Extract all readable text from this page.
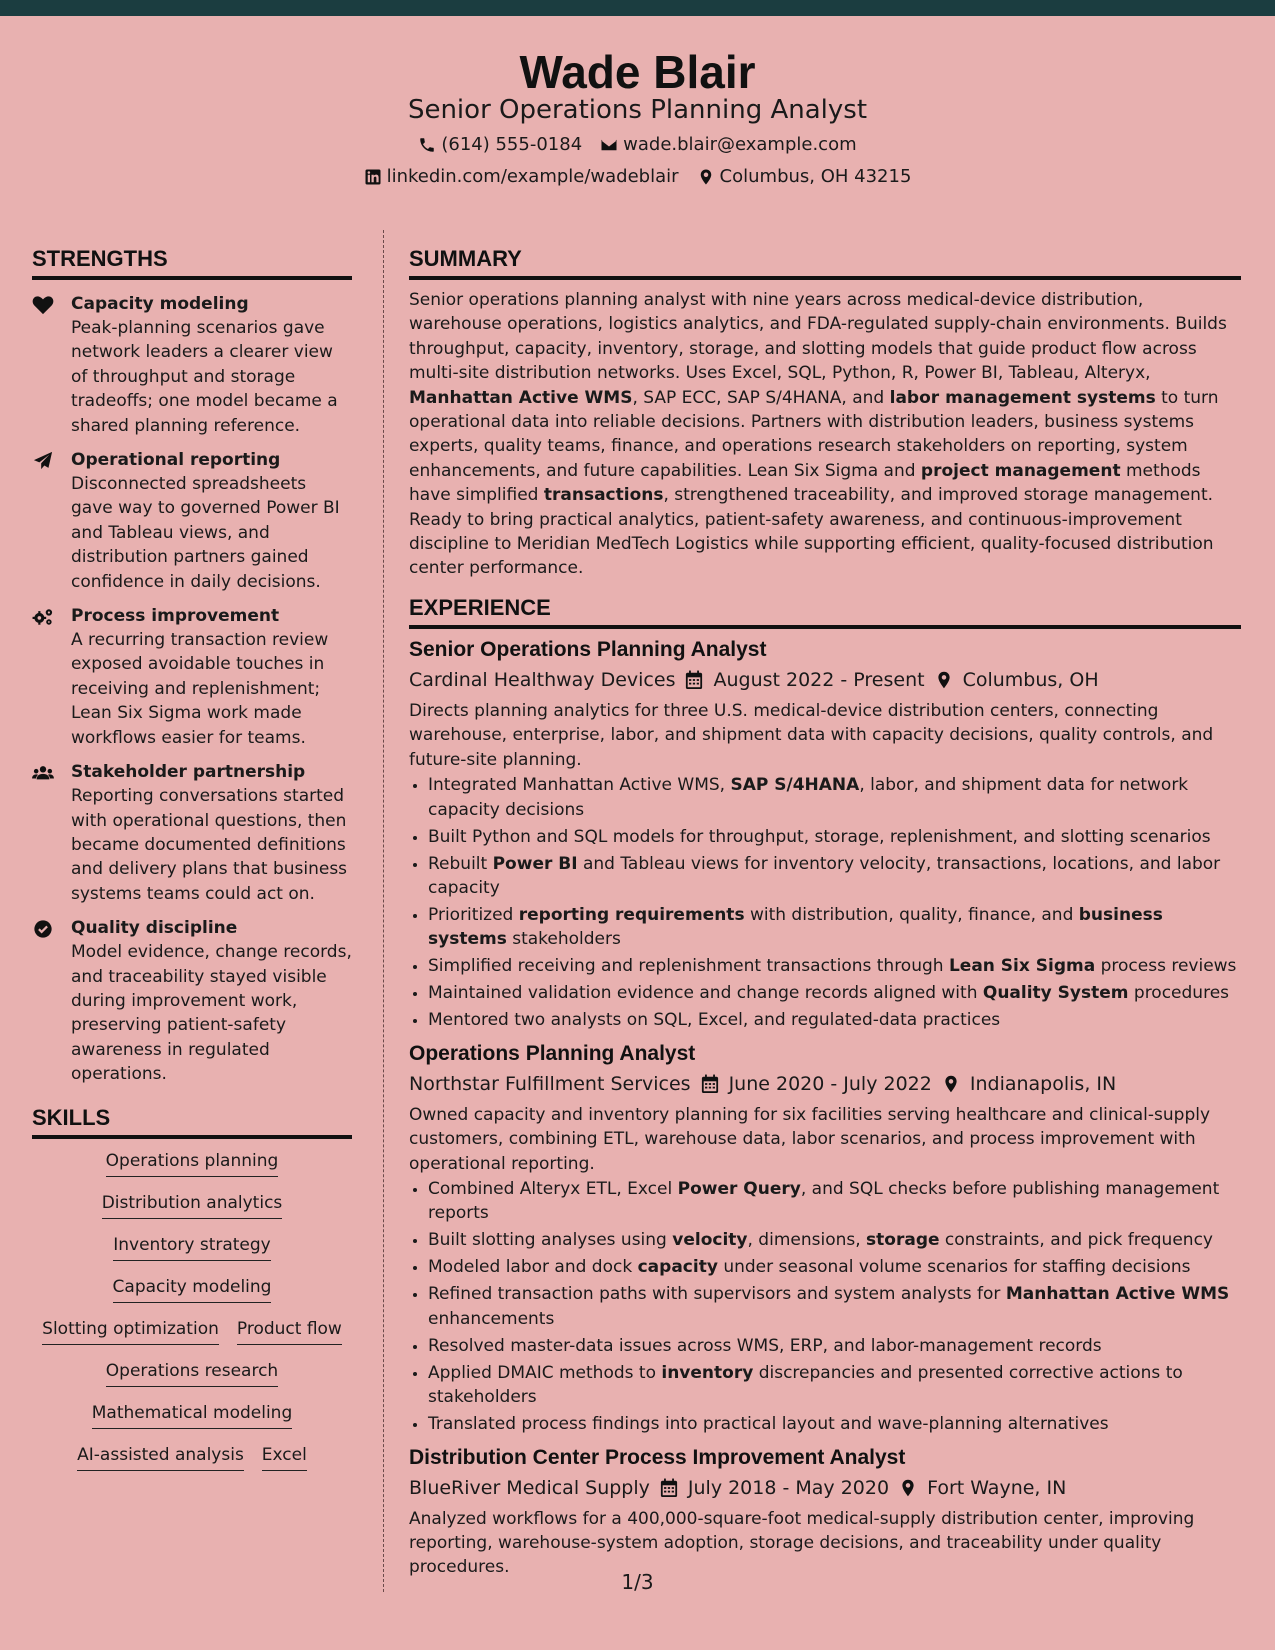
Wade Blair
Senior Operations Planning Analyst
(614) 555-0184 wade.blair@example.com
linkedin.com/example/wadeblair Columbus, OH 43215
STRENGTHS
Capacity modeling
Peak-planning scenarios gave network leaders a clearer view of throughput and storage tradeoffs; one model became a shared planning reference.
Operational reporting
Disconnected spreadsheets gave way to governed Power BI and Tableau views, and distribution partners gained confidence in daily decisions.
Process improvement
A recurring transaction review exposed avoidable touches in receiving and replenishment; Lean Six Sigma work made workflows easier for teams.
Stakeholder partnership
Reporting conversations started with operational questions, then became documented definitions and delivery plans that business systems teams could act on.
Quality discipline
Model evidence, change records, and traceability stayed visible during improvement work, preserving patient-safety awareness in regulated operations.
SKILLS
Operations planning
Distribution analytics
Inventory strategy
Capacity modeling
Slotting optimization Product flow
Operations research
Mathematical modeling
AI-assisted analysis Excel
SUMMARY
Senior operations planning analyst with nine years across medical-device distribution, warehouse operations, logistics analytics, and FDA-regulated supply-chain environments. Builds throughput, capacity, inventory, storage, and slotting models that guide product flow across multi-site distribution networks. Uses Excel, SQL, Python, R, Power BI, Tableau, Alteryx, Manhattan Active WMS, SAP ECC, SAP S/4HANA, and labor management systems to turn operational data into reliable decisions. Partners with distribution leaders, business systems experts, quality teams, finance, and operations research stakeholders on reporting, system enhancements, and future capabilities. Lean Six Sigma and project management methods have simplified transactions, strengthened traceability, and improved storage management. Ready to bring practical analytics, patient-safety awareness, and continuous-improvement discipline to Meridian MedTech Logistics while supporting efficient, quality-focused distribution center performance.
EXPERIENCE
Senior Operations Planning Analyst
Cardinal Healthway Devices August 2022 - Present Columbus, OH
Directs planning analytics for three U.S. medical-device distribution centers, connecting warehouse, enterprise, labor, and shipment data with capacity decisions, quality controls, and future-site planning.
• Integrated Manhattan Active WMS, SAP S/4HANA, labor, and shipment data for network capacity decisions
• Built Python and SQL models for throughput, storage, replenishment, and slotting scenarios
• Rebuilt Power BI and Tableau views for inventory velocity, transactions, locations, and labor capacity
• Prioritized reporting requirements with distribution, quality, finance, and business systems stakeholders
• Simplified receiving and replenishment transactions through Lean Six Sigma process reviews
• Maintained validation evidence and change records aligned with Quality System procedures
• Mentored two analysts on SQL, Excel, and regulated-data practices
Operations Planning Analyst
Northstar Fulfillment Services June 2020 - July 2022 Indianapolis, IN
Owned capacity and inventory planning for six facilities serving healthcare and clinical-supply customers, combining ETL, warehouse data, labor scenarios, and process improvement with operational reporting.
• Combined Alteryx ETL, Excel Power Query, and SQL checks before publishing management reports
• Built slotting analyses using velocity, dimensions, storage constraints, and pick frequency
• Modeled labor and dock capacity under seasonal volume scenarios for staffing decisions
• Refined transaction paths with supervisors and system analysts for Manhattan Active WMS enhancements
• Resolved master-data issues across WMS, ERP, and labor-management records
• Applied DMAIC methods to inventory discrepancies and presented corrective actions to stakeholders
• Translated process findings into practical layout and wave-planning alternatives
Distribution Center Process Improvement Analyst
BlueRiver Medical Supply July 2018 - May 2020 Fort Wayne, IN
Analyzed workflows for a 400,000-square-foot medical-supply distribution center, improving reporting, warehouse-system adoption, storage decisions, and traceability under quality procedures.
1/3
